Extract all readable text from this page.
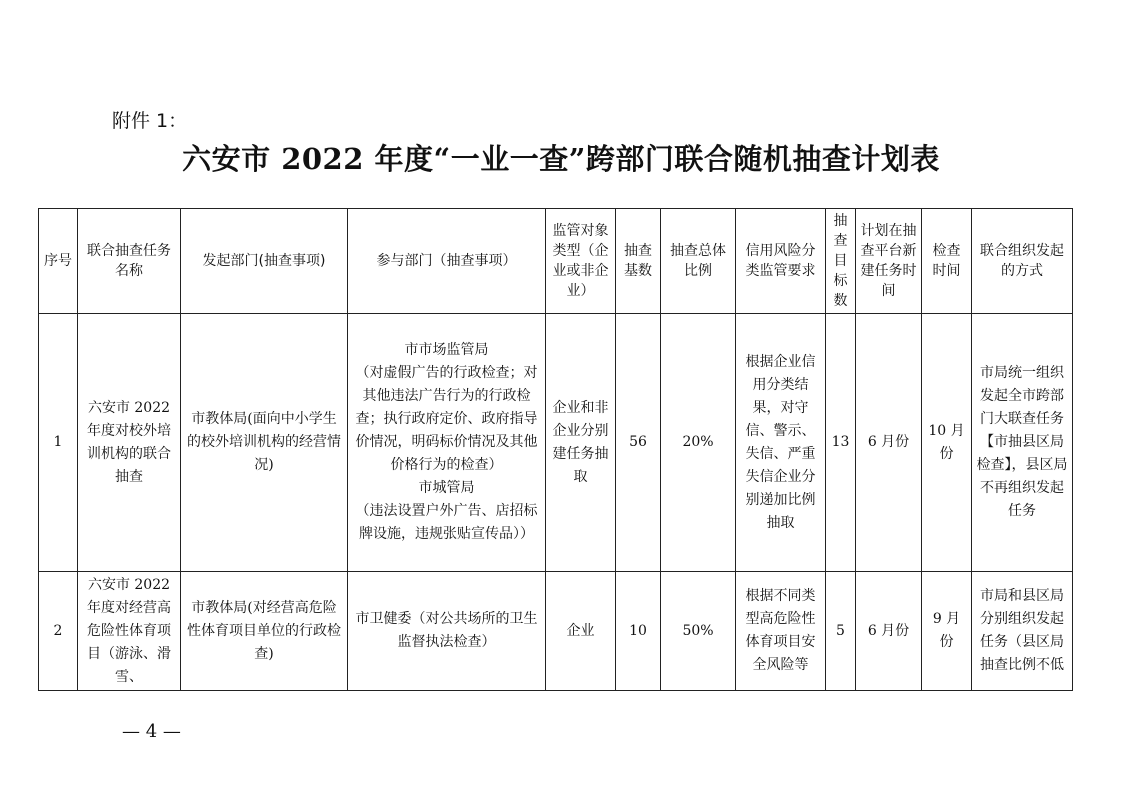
附件 1：
六安市 2022 年度“一业一查”跨部门联合随机抽查计划表
序号	联合抽查任务名称	发起部门(抽查事项)	参与部门（抽查事项）	监管对象类型（企业或非企业）	抽查基数	抽查总体比例	信用风险分类监管要求	抽查目标数	计划在抽查平台新建任务时间	检查时间	联合组织发起的方式
1	六安市 2022 年度对校外培训机构的联合抽查	市教体局(面向中小学生的校外培训机构的经营情况)	市市场监管局
（对虚假广告的行政检查；对其他违法广告行为的行政检查；执行政府定价、政府指导价情况，明码标价情况及其他价格行为的检查）
市城管局
（违法设置户外广告、店招标牌设施，违规张贴宣传品））	企业和非企业分别建任务抽取	56	20%	根据企业信用分类结果，对守信、警示、失信、严重失信企业分别递加比例抽取	13	6 月份	10 月份	市局统一组织发起全市跨部门大联查任务【市抽县区局检查】，县区局不再组织发起任务
2	六安市 2022 年度对经营高危险性体育项目（游泳、滑雪、	市教体局(对经营高危险性体育项目单位的行政检查)	市卫健委（对公共场所的卫生监督执法检查）	企业	10	50%	根据不同类型高危险性体育项目安全风险等	5	6 月份	9 月份	市局和县区局分别组织发起任务（县区局抽查比例不低
— 4 —
